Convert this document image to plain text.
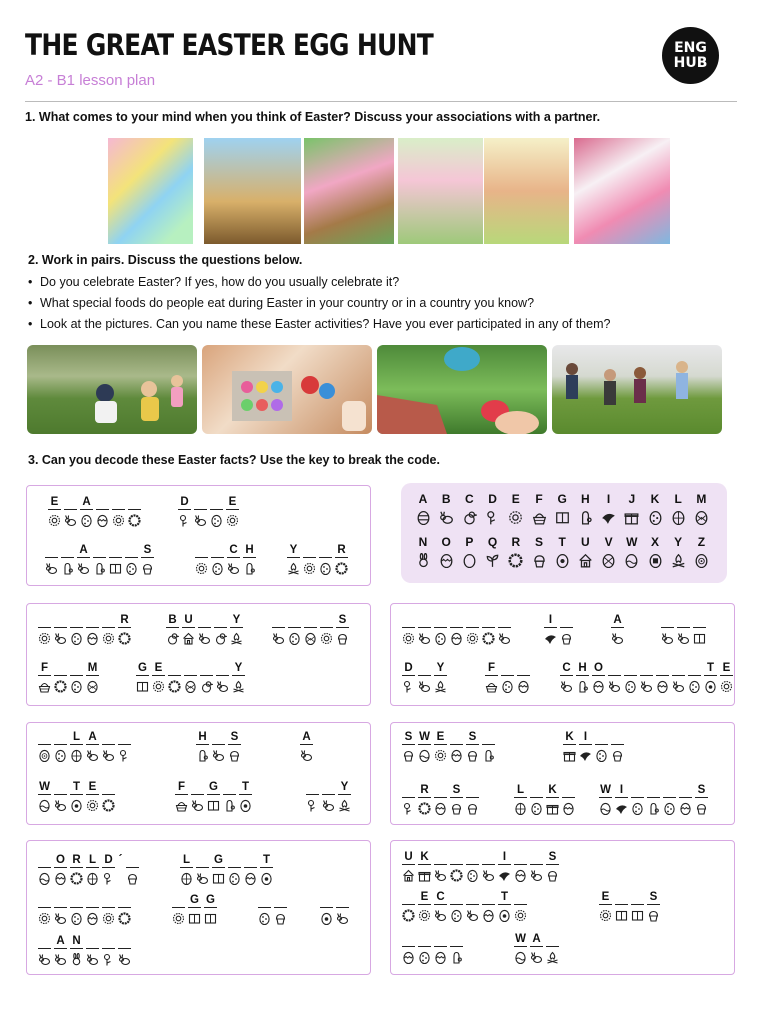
THE GREAT EASTER EGG HUNT
A2 - B1 lesson plan
ENG
HUB
1. What comes to your mind when you think of Easter? Discuss your associations with a partner.
2. Work in pairs. Discuss the questions below.
• Do you celebrate Easter? If yes, how do you usually celebrate it?
• What special foods do people eat during Easter in your country or in a country you know?
• Look at the pictures. Can you name these Easter activities? Have you ever participated in any of them?
3. Can you decode these Easter facts? Use the key to break the code.
A	B	C	D	E	F	G	H	I	J	K	L	M
N	O	P	Q	R	S	T	U	V	W	X	Y	Z
E A	D	E
A	S	C H	Y	R
R	B U	Y	S
F	M	G E	Y
I	A
D Y	F	C H O	T E
L A	H S	A
W T E	F G T	Y
S W E S	K I
R S	L K	W I	S
O R L D ´	L G	T
G G
A N
U K	I	S
E C	T	E	S
W A
